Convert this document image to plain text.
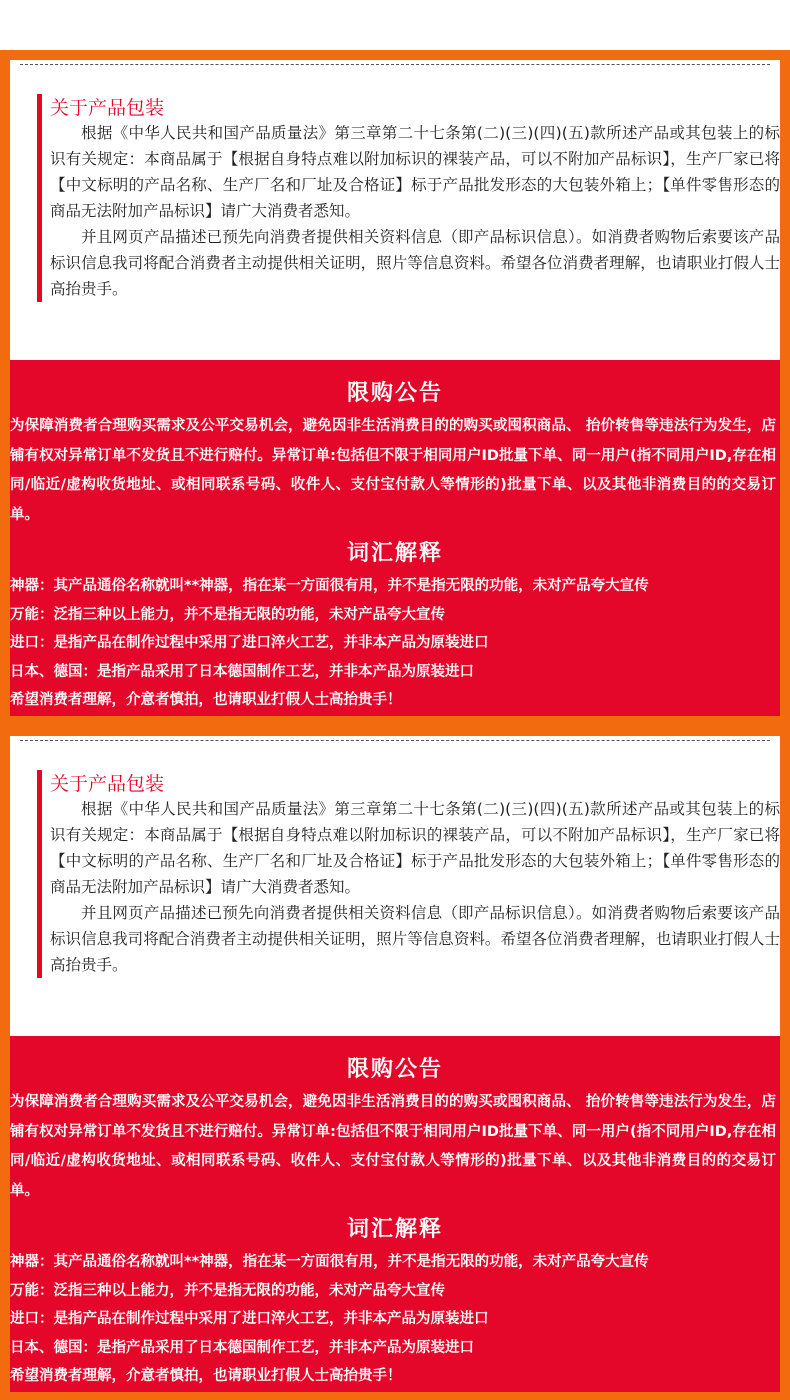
关于产品包装

根据《中华人民共和国产品质量法》第三章第二十七条第(二)(三)(四)(五)款所述产品或其包装上的标识有关规定：本商品属于【根据自身特点难以附加标识的裸装产品，可以不附加产品标识】，生产厂家已将【中文标明的产品名称、生产厂名和厂址及合格证】标于产品批发形态的大包装外箱上；【单件零售形态的商品无法附加产品标识】请广大消费者悉知。

并且网页产品描述已预先向消费者提供相关资料信息（即产品标识信息）。如消费者购物后索要该产品标识信息我司将配合消费者主动提供相关证明，照片等信息资料。希望各位消费者理解，也请职业打假人士高抬贵手。

限购公告

为保障消费者合理购买需求及公平交易机会，避免因非生活消费目的的购买或囤积商品、 抬价转售等违法行为发生，店铺有权对异常订单不发货且不进行赔付。异常订单:包括但不限于相同用户ID批量下单、同一用户(指不同用户ID,存在相同/临近/虚构收货地址、或相同联系号码、收件人、支付宝付款人等情形的)批量下单、以及其他非消费目的的交易订单。

词汇解释
神器：其产品通俗名称就叫**神器，指在某一方面很有用，并不是指无限的功能，未对产品夸大宣传
万能：泛指三种以上能力，并不是指无限的功能，未对产品夸大宣传
进口：是指产品在制作过程中采用了进口淬火工艺，并非本产品为原装进口
日本、德国：是指产品采用了日本德国制作工艺，并非本产品为原装进口
希望消费者理解，介意者慎拍，也请职业打假人士高抬贵手！
关于产品包装

根据《中华人民共和国产品质量法》第三章第二十七条第(二)(三)(四)(五)款所述产品或其包装上的标识有关规定：本商品属于【根据自身特点难以附加标识的裸装产品，可以不附加产品标识】，生产厂家已将【中文标明的产品名称、生产厂名和厂址及合格证】标于产品批发形态的大包装外箱上；【单件零售形态的商品无法附加产品标识】请广大消费者悉知。

并且网页产品描述已预先向消费者提供相关资料信息（即产品标识信息）。如消费者购物后索要该产品标识信息我司将配合消费者主动提供相关证明，照片等信息资料。希望各位消费者理解，也请职业打假人士高抬贵手。

限购公告

为保障消费者合理购买需求及公平交易机会，避免因非生活消费目的的购买或囤积商品、 抬价转售等违法行为发生，店铺有权对异常订单不发货且不进行赔付。异常订单:包括但不限于相同用户ID批量下单、同一用户(指不同用户ID,存在相同/临近/虚构收货地址、或相同联系号码、收件人、支付宝付款人等情形的)批量下单、以及其他非消费目的的交易订单。

词汇解释
神器：其产品通俗名称就叫**神器，指在某一方面很有用，并不是指无限的功能，未对产品夸大宣传
万能：泛指三种以上能力，并不是指无限的功能，未对产品夸大宣传
进口：是指产品在制作过程中采用了进口淬火工艺，并非本产品为原装进口
日本、德国：是指产品采用了日本德国制作工艺，并非本产品为原装进口
希望消费者理解，介意者慎拍，也请职业打假人士高抬贵手！
